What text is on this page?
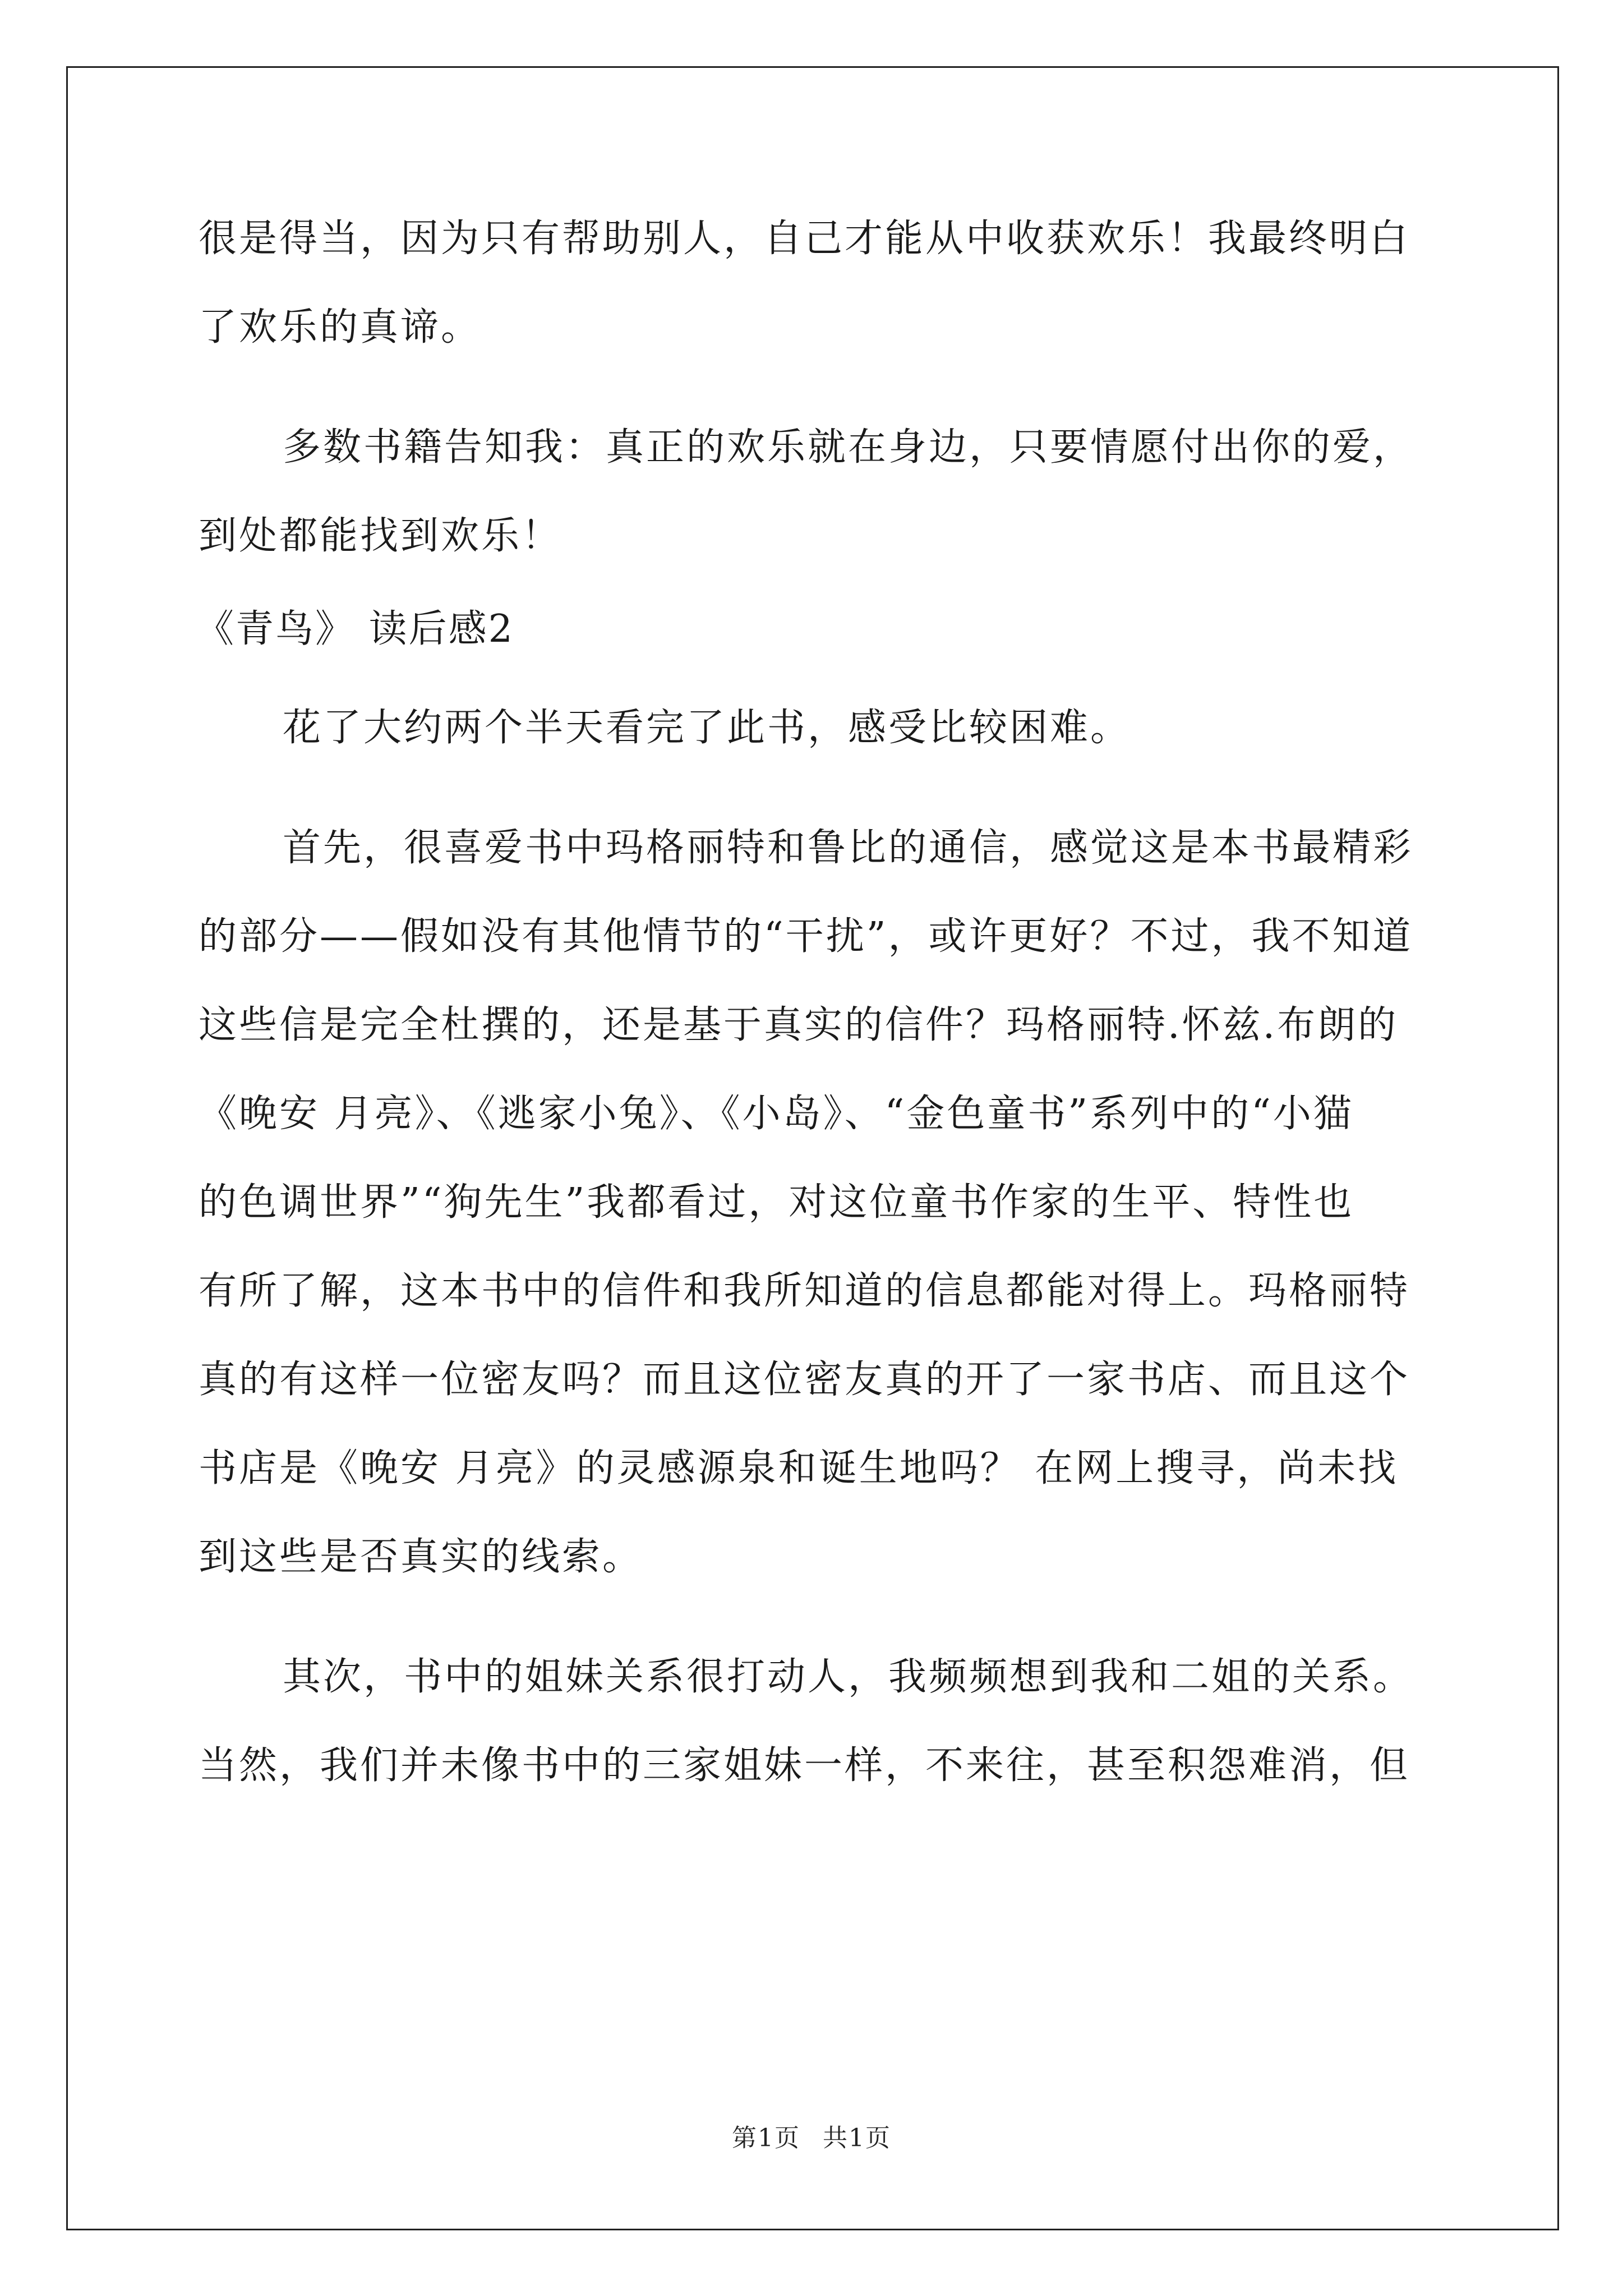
很是得当，因为只有帮助别人，自己才能从中收获欢乐！我最终明白
了欢乐的真谛。
多数书籍告知我：真正的欢乐就在身边，只要情愿付出你的爱，
到处都能找到欢乐！
《青鸟》 读后感2
花了大约两个半天看完了此书，感受比较困难。
首先，很喜爱书中玛格丽特和鲁比的通信，感觉这是本书最精彩
的部分——假如没有其他情节的“干扰”，或许更好？不过，我不知道
这些信是完全杜撰的，还是基于真实的信件？玛格丽特.怀兹.布朗的
《晚安 月亮》、《逃家小兔》、《小岛》、“金色童书”系列中的“小猫
的色调世界”“狗先生”我都看过，对这位童书作家的生平、特性也
有所了解，这本书中的信件和我所知道的信息都能对得上。玛格丽特
真的有这样一位密友吗？而且这位密友真的开了一家书店、而且这个
书店是《晚安 月亮》的灵感源泉和诞生地吗？ 在网上搜寻，尚未找
到这些是否真实的线索。
其次，书中的姐妹关系很打动人，我频频想到我和二姐的关系。
当然，我们并未像书中的三家姐妹一样，不来往，甚至积怨难消，但
第1页 共1页
